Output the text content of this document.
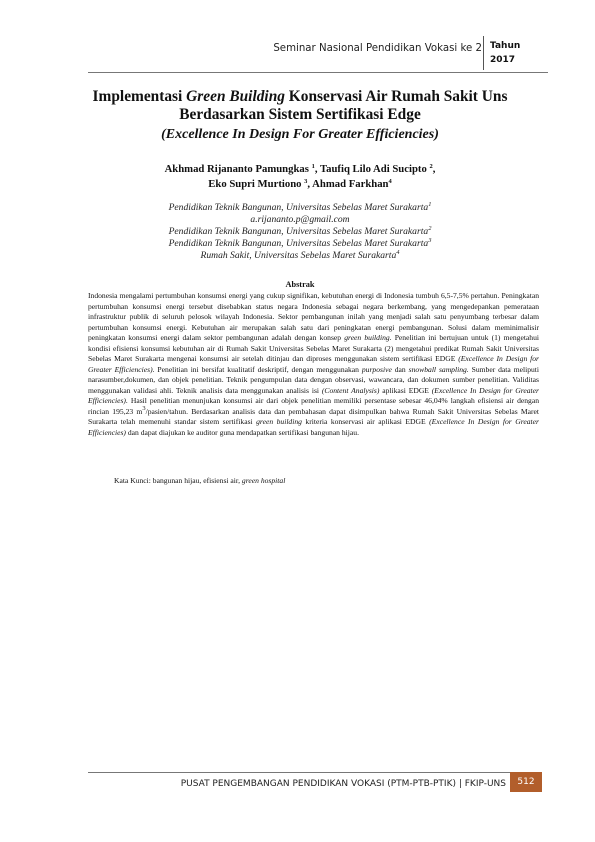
Seminar Nasional Pendidikan Vokasi ke 2 Tahun
2017
Implementasi Green Building Konservasi Air Rumah Sakit Uns
Berdasarkan Sistem Sertifikasi Edge
(Excellence In Design For Greater Efficiencies)
Akhmad Rijananto Pamungkas $^1$, Taufiq Lilo Adi Sucipto $^2$,
Eko Supri Murtiono $^3$, Ahmad Farkhan$^4$
Pendidikan Teknik Bangunan, Universitas Sebelas Maret Surakarta$^1$
a.rijananto.p@gmail.com
Pendidikan Teknik Bangunan, Universitas Sebelas Maret Surakarta$^2$
Pendidikan Teknik Bangunan, Universitas Sebelas Maret Surakarta$^3$
Rumah Sakit, Universitas Sebelas Maret Surakarta$^4$
Abstrak
Indonesia mengalami pertumbuhan konsumsi energi yang cukup signifikan, kebutuhan energi di Indonesia tumbuh 6,5-7,5% pertahun. Peningkatan pertumbuhan konsumsi energi tersebut disebabkan status negara Indonesia sebagai negara berkembang, yang mengedepankan pemerataan infrastruktur publik di seluruh pelosok wilayah Indonesia. Sektor pembangunan inilah yang menjadi salah satu penyumbang terbesar dalam pertumbuhan konsumsi energi. Kebutuhan air merupakan salah satu dari peningkatan energi pembangunan. Solusi dalam meminimalisir peningkatan konsumsi energi dalam sektor pembangunan adalah dengan konsep green building. Penelitian ini bertujuan untuk (1) mengetahui kondisi efisiensi konsumsi kebutuhan air di Rumah Sakit Universitas Sebelas Maret Surakarta (2) mengetahui predikat Rumah Sakit Universitas Sebelas Maret Surakarta mengenai konsumsi air setelah ditinjau dan diproses menggunakan sistem sertifikasi EDGE (Excellence In Design for Greater Efficiencies). Penelitian ini bersifat kualitatif deskriptif, dengan menggunakan purposive dan snowball sampling. Sumber data meliputi narasumber,dokumen, dan objek penelitian. Teknik pengumpulan data dengan observasi, wawancara, dan dokumen sumber penelitian. Validitas menggunakan validasi ahli. Teknik analisis data menggunakan analisis isi (Content Analysis) aplikasi EDGE (Excellence In Design for Greater Efficiencies). Hasil penelitian menunjukan konsumsi air dari objek penelitian memiliki persentase sebesar 46,04% langkah efisiensi air dengan rincian 195,23 $m^3/pasien$/tahun. Berdasarkan analisis data dan pembahasan dapat disimpulkan bahwa Rumah Sakit Universitas Sebelas Maret Surakarta telah memenuhi standar sistem sertifikasi green building kriteria konservasi air aplikasi EDGE (Excellence In Design for Greater Efficiencies) dan dapat diajukan ke auditor guna mendapatkan sertifikasi bangunan hijau.
Kata Kunci: bangunan hijau, efisiensi air, green hospital
PUSAT PENGEMBANGAN PENDIDIKAN VOKASI (PTM-PTB-PTIK) | FKIP-UNS	512
